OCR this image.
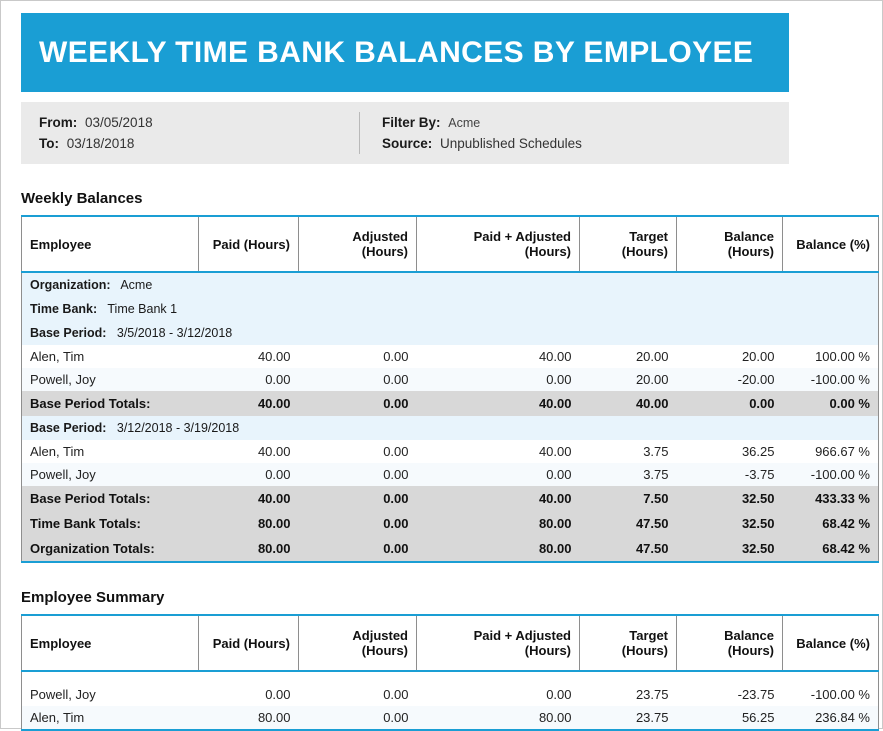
WEEKLY TIME BANK BALANCES BY EMPLOYEE
From: 03/05/2018
To: 03/18/2018
Filter By: Acme
Source: Unpublished Schedules
Weekly Balances
Employee	Paid (Hours)	Adjusted (Hours)	Paid + Adjusted (Hours)	Target (Hours)	Balance (Hours)	Balance (%)
Organization: Acme						
Time Bank: Time Bank 1						
Base Period: 3/5/2018 - 3/12/2018						
Alen, Tim	40.00	0.00	40.00	20.00	20.00	100.00 %
Powell, Joy	0.00	0.00	0.00	20.00	-20.00	-100.00 %
Base Period Totals:	40.00	0.00	40.00	40.00	0.00	0.00 %
Base Period: 3/12/2018 - 3/19/2018						
Alen, Tim	40.00	0.00	40.00	3.75	36.25	966.67 %
Powell, Joy	0.00	0.00	0.00	3.75	-3.75	-100.00 %
Base Period Totals:	40.00	0.00	40.00	7.50	32.50	433.33 %
Time Bank Totals:	80.00	0.00	80.00	47.50	32.50	68.42 %
Organization Totals:	80.00	0.00	80.00	47.50	32.50	68.42 %
Employee Summary
Employee	Paid (Hours)	Adjusted (Hours)	Paid + Adjusted (Hours)	Target (Hours)	Balance (Hours)	Balance (%)

Powell, Joy	0.00	0.00	0.00	23.75	-23.75	-100.00 %
Alen, Tim	80.00	0.00	80.00	23.75	56.25	236.84 %
